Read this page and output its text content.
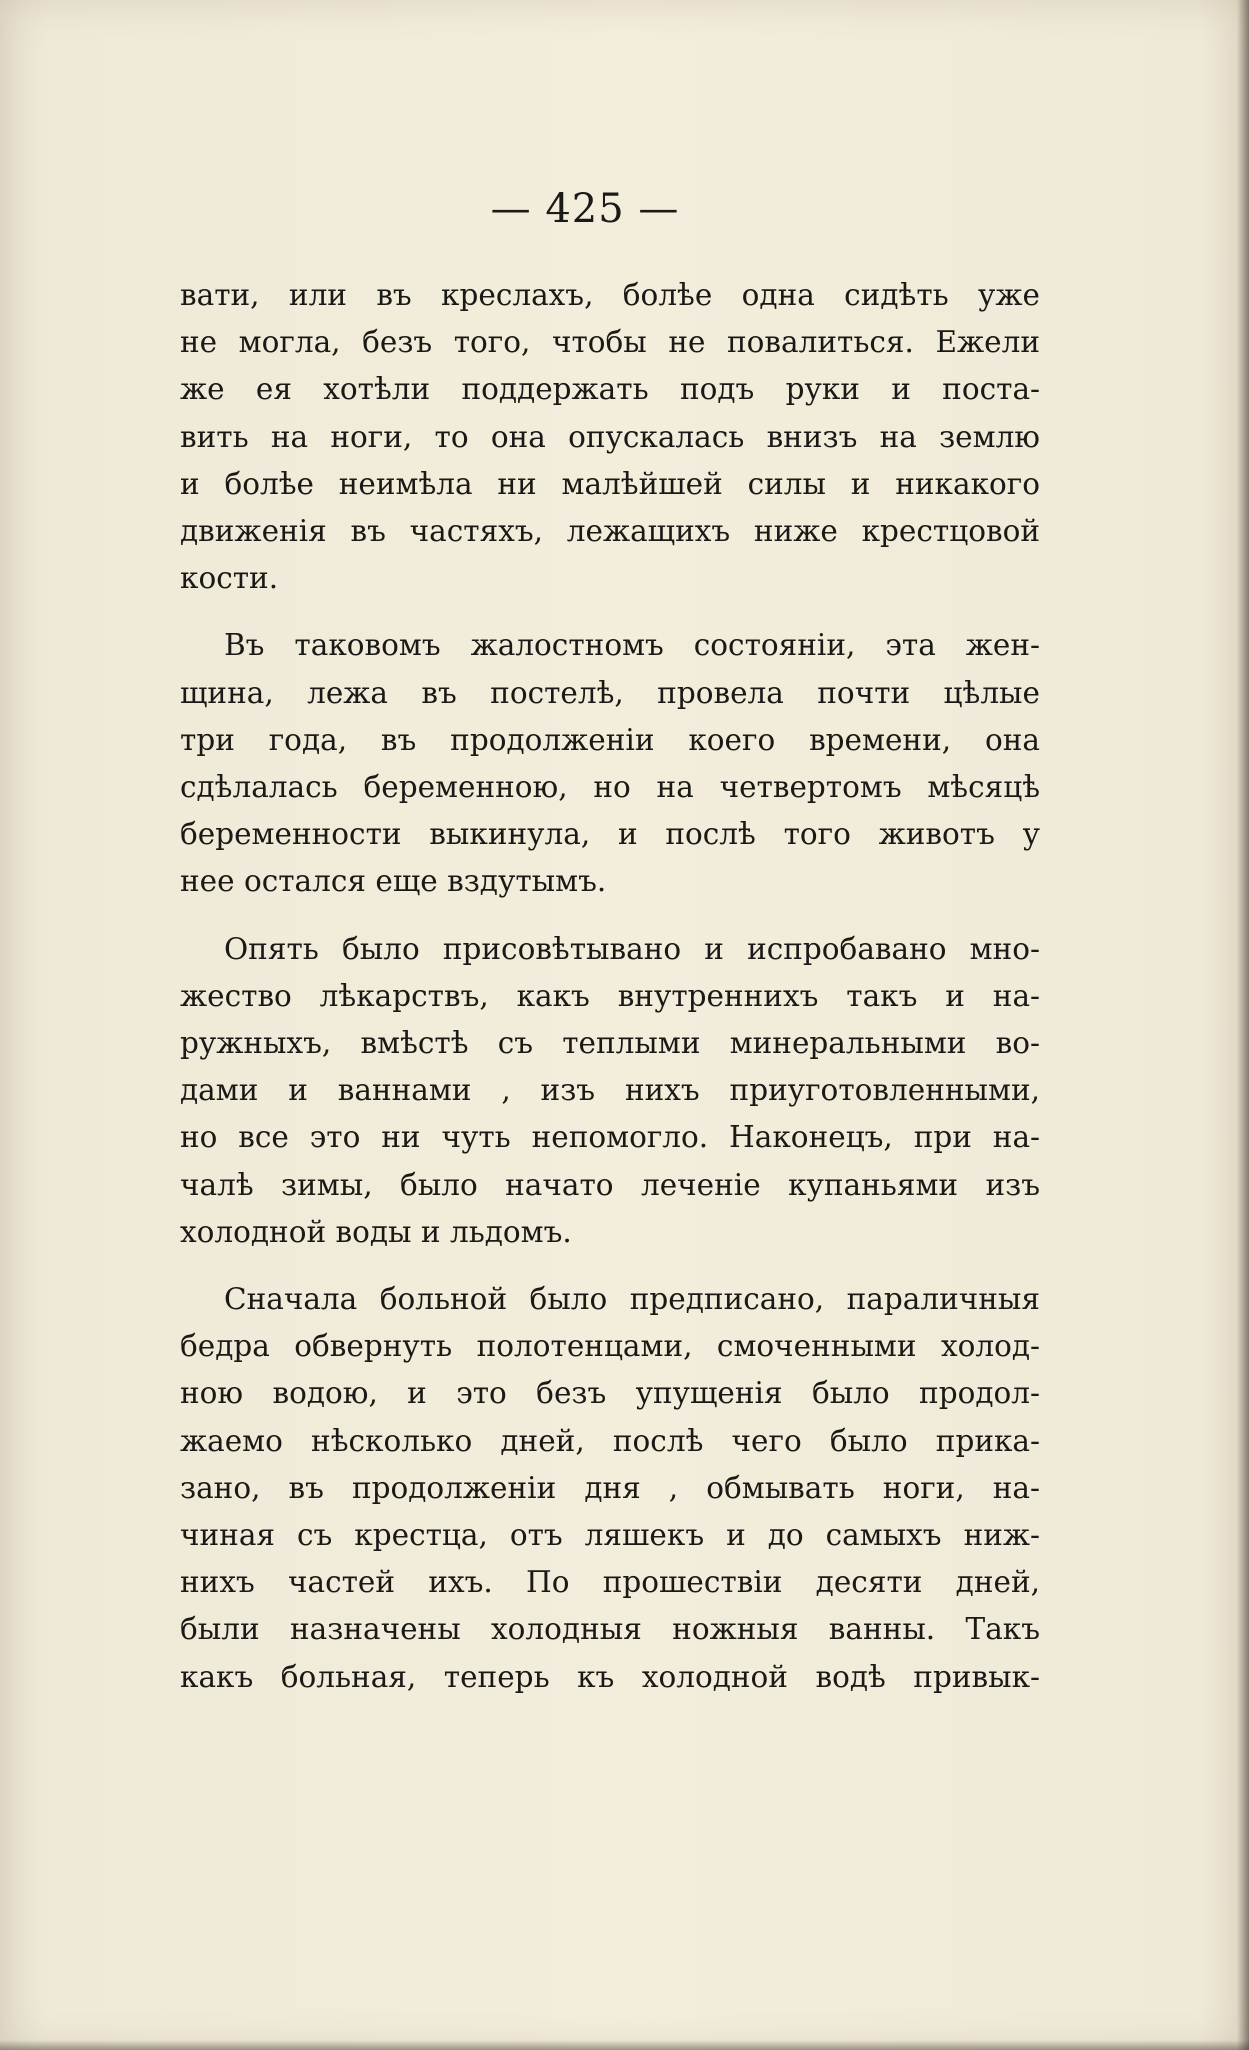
— 425 —

вати, или въ креслахъ, болѣе одна сидѣть уже
не могла, безъ того, чтобы не повалиться. Ежели
же ея хотѣли поддержать подъ руки и поста-
вить на ноги, то она опускалась внизъ на землю
и болѣе неимѣла ни малѣйшей силы и никакого
движенія въ частяхъ, лежащихъ ниже крестцовой
кости.

Въ таковомъ жалостномъ состояніи, эта жен-
щина, лежа въ постелѣ, провела почти цѣлые
три года, въ продолженіи коего времени, она
сдѣлалась беременною, но на четвертомъ мѣсяцѣ
беременности выкинула, и послѣ того животъ у
нее остался еще вздутымъ.

Опять было присовѣтывано и испробавано мно-
жество лѣкарствъ, какъ внутреннихъ такъ и на-
ружныхъ, вмѣстѣ съ теплыми минеральными во-
дами и ваннами , изъ нихъ приуготовленными,
но все это ни чуть непомогло. Наконецъ, при на-
чалѣ зимы, было начато леченіе купаньями изъ
холодной воды и льдомъ.

Сначала больной было предписано, параличныя
бедра обвернуть полотенцами, смоченными холод-
ною водою, и это безъ упущенія было продол-
жаемо нѣсколько дней, послѣ чего было прика-
зано, въ продолженіи дня , обмывать ноги, на-
чиная съ крестца, отъ ляшекъ и до самыхъ ниж-
нихъ частей ихъ. По прошествіи десяти дней,
были назначены холодныя ножныя ванны. Такъ
какъ больная, теперь къ холодной водѣ привык-
